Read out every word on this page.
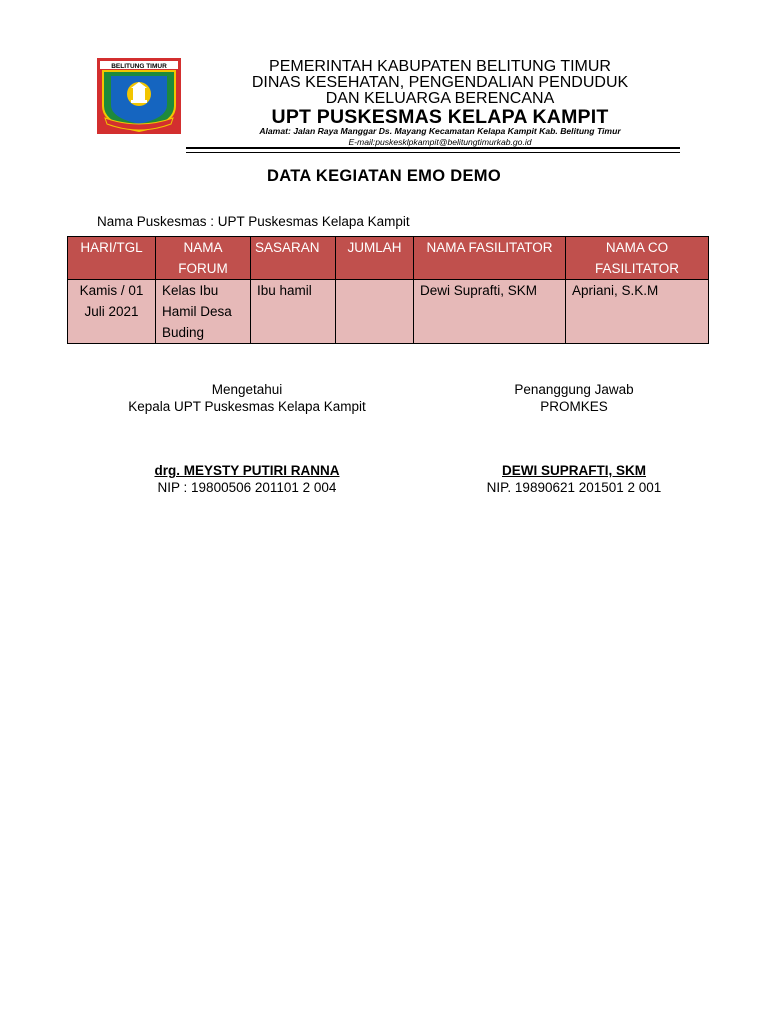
BELITUNG TIMUR	PEMERINTAH KABUPATEN BELITUNG TIMUR
DINAS KESEHATAN, PENGENDALIAN PENDUDUK
DAN KELUARGA BERENCANA
UPT PUSKESMAS KELAPA KAMPIT
Alamat: Jalan Raya Manggar Ds. Mayang Kecamatan Kelapa Kampit Kab. Belitung Timur
E-mail:puskesklpkampit@belitungtimurkab.go.id
DATA KEGIATAN EMO DEMO
Nama Puskesmas : UPT Puskesmas Kelapa Kampit
HARI/TGL	NAMA FORUM	SASARAN	JUMLAH	NAMA FASILITATOR	NAMA CO FASILITATOR
Kamis / 01 Juli 2021	Kelas Ibu Hamil Desa Buding	Ibu hamil		Dewi Suprafti, SKM	Apriani, S.K.M
Mengetahui
Kepala UPT Puskesmas Kelapa Kampit
Penanggung Jawab
PROMKES
drg. MEYSTY PUTIRI RANNA	DEWI SUPRAFTI, SKM
NIP : 19800506 201101 2 004	NIP. 19890621 201501 2 001
